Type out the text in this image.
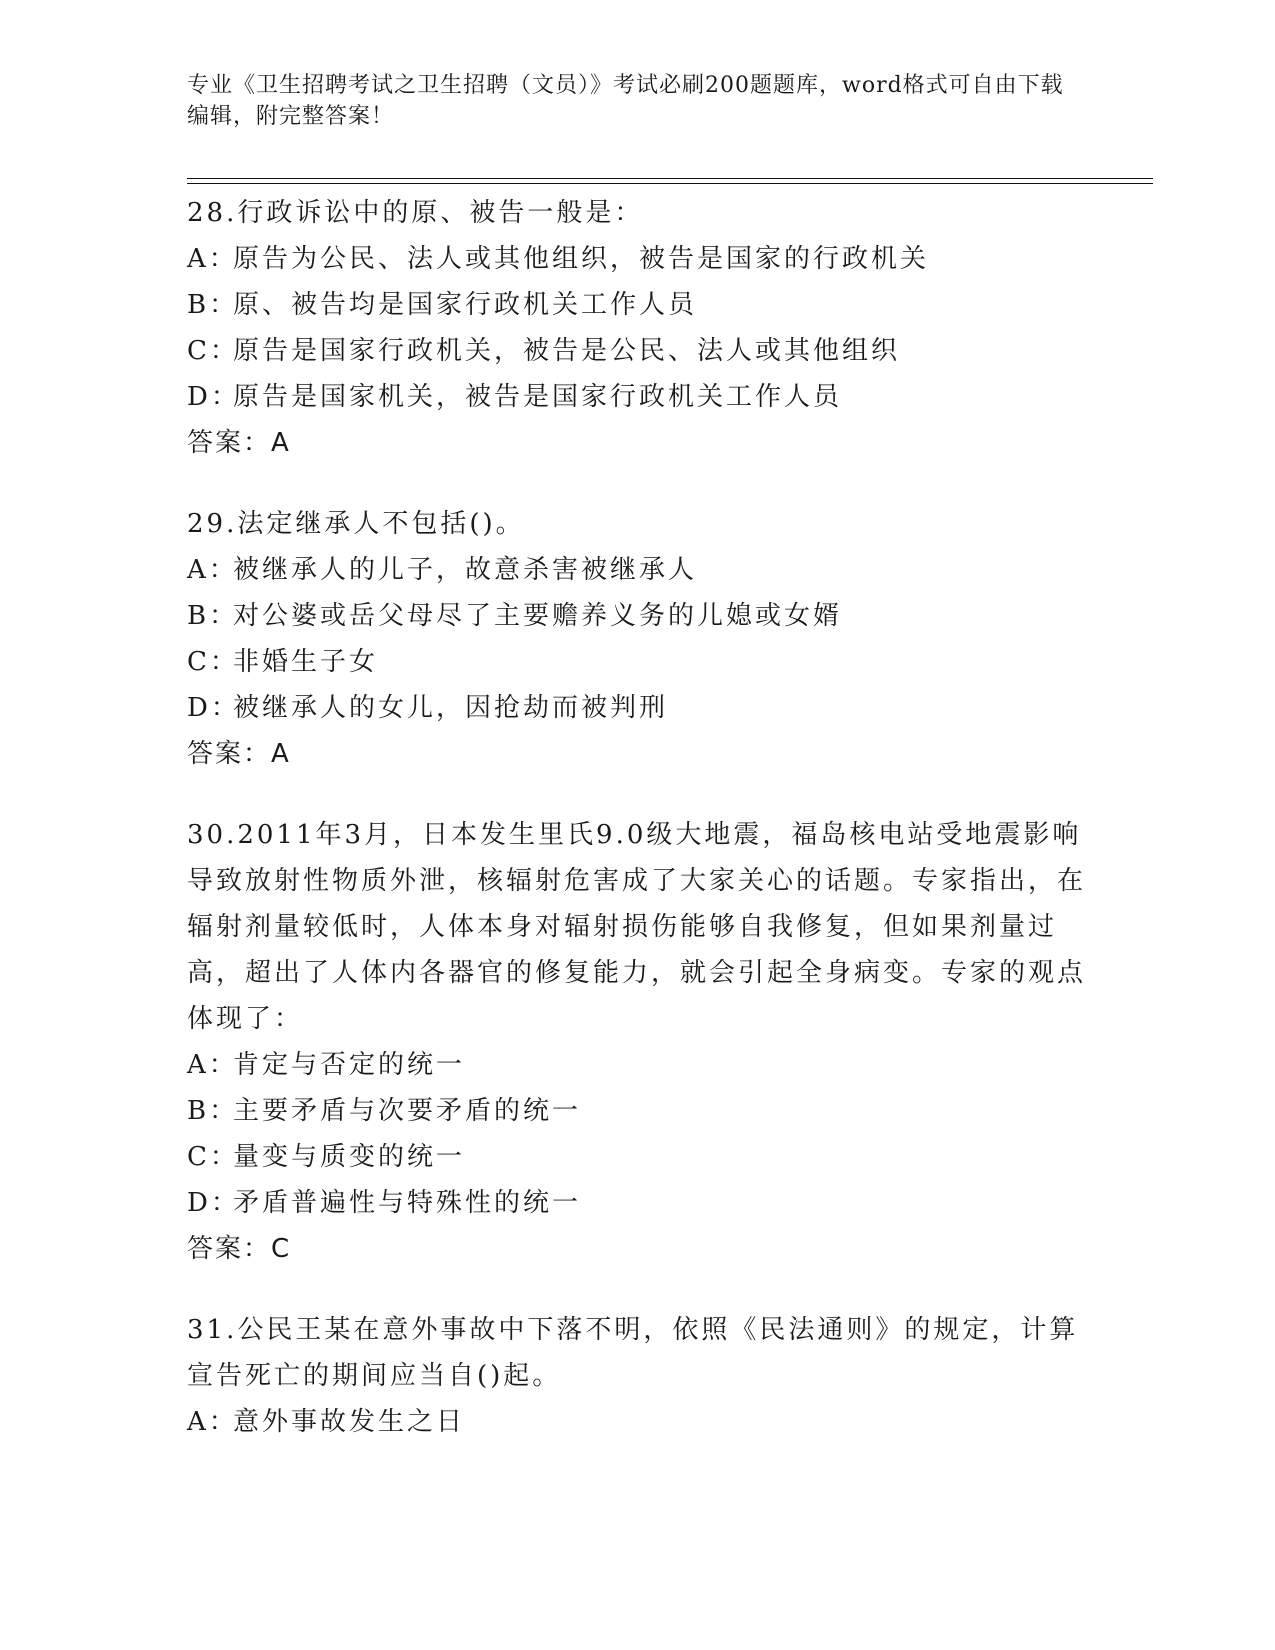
专业《卫生招聘考试之卫生招聘（文员）》考试必刷200题题库，word格式可自由下载编辑，附完整答案！
28.行政诉讼中的原、被告一般是：
A：原告为公民、法人或其他组织，被告是国家的行政机关
B：原、被告均是国家行政机关工作人员
C：原告是国家行政机关，被告是公民、法人或其他组织
D：原告是国家机关，被告是国家行政机关工作人员
答案：A
29.法定继承人不包括()。
A：被继承人的儿子，故意杀害被继承人
B：对公婆或岳父母尽了主要赡养义务的儿媳或女婿
C：非婚生子女
D：被继承人的女儿，因抢劫而被判刑
答案：A
30.2011年3月，日本发生里氏9.0级大地震，福岛核电站受地震影响导致放射性物质外泄，核辐射危害成了大家关心的话题。专家指出，在辐射剂量较低时，人体本身对辐射损伤能够自我修复，但如果剂量过高，超出了人体内各器官的修复能力，就会引起全身病变。专家的观点体现了：
A：肯定与否定的统一
B：主要矛盾与次要矛盾的统一
C：量变与质变的统一
D：矛盾普遍性与特殊性的统一
答案：C
31.公民王某在意外事故中下落不明，依照《民法通则》的规定，计算宣告死亡的期间应当自()起。
A：意外事故发生之日
